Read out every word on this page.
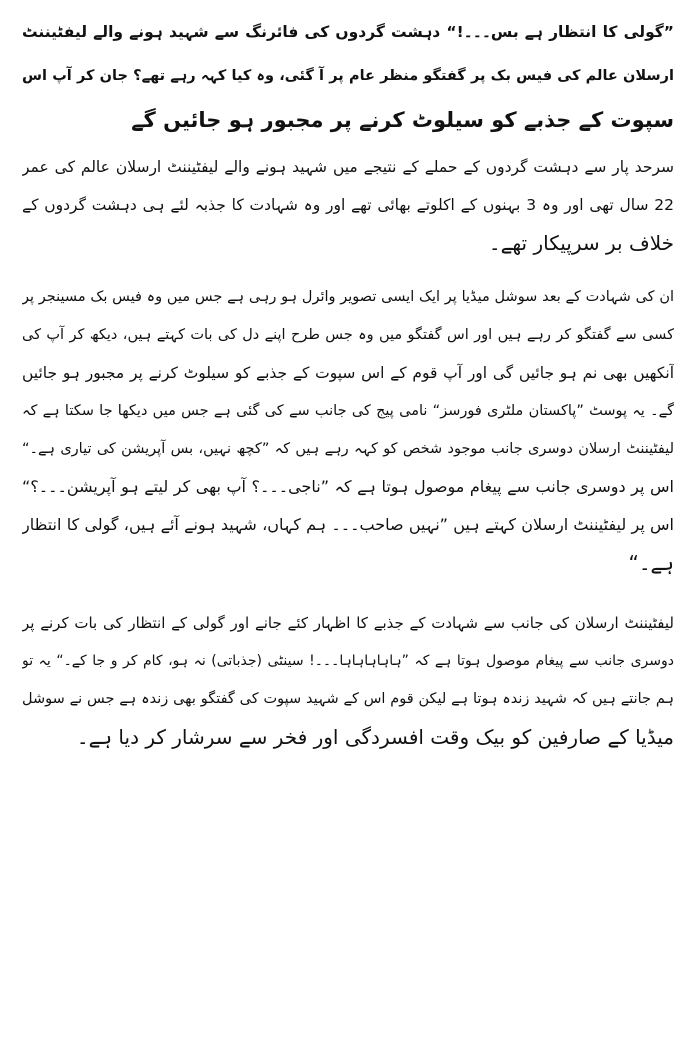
”گولی کا انتظار ہے بس۔۔۔!“ دہشت گردوں کی فائرنگ سے شہید ہونے والے لیفٹیننٹ
ارسلان عالم کی فیس بک پر گفتگو منظر عام پر آ گئی، وہ کیا کہہ رہے تھے؟ جان کر آپ اس
سپوت کے جذبے کو سیلوٹ کرنے پر مجبور ہو جائیں گے
سرحد پار سے دہشت گردوں کے حملے کے نتیجے میں شہید ہونے والے لیفٹیننٹ ارسلان عالم کی عمر
22 سال تھی اور وہ 3 بہنوں کے اکلوتے بھائی تھے اور وہ شہادت کا جذبہ لئے ہی دہشت گردوں کے
خلاف بر سرپیکار تھے۔
ان کی شہادت کے بعد سوشل میڈیا پر ایک ایسی تصویر وائرل ہو رہی ہے جس میں وہ فیس بک مسینجر پر
کسی سے گفتگو کر رہے ہیں اور اس گفتگو میں وہ جس طرح اپنے دل کی بات کہتے ہیں، دیکھ کر آپ کی
آنکھیں بھی نم ہو جائیں گی اور آپ قوم کے اس سپوت کے جذبے کو سیلوٹ کرنے پر مجبور ہو جائیں
گے۔ یہ پوسٹ ”پاکستان ملٹری فورسز“ نامی پیج کی جانب سے کی گئی ہے جس میں دیکھا جا سکتا ہے کہ
لیفٹیننٹ ارسلان دوسری جانب موجود شخص کو کہہ رہے ہیں کہ ”کچھ نہیں، بس آپریشن کی تیاری ہے۔“
اس پر دوسری جانب سے پیغام موصول ہوتا ہے کہ ”ناجی۔۔۔؟ آپ بھی کر لیتے ہو آپریشن۔۔۔؟“
اس پر لیفٹیننٹ ارسلان کہتے ہیں ”نہیں صاحب۔۔۔ ہم کہاں، شہید ہونے آئے ہیں، گولی کا انتظار
ہے۔“
لیفٹیننٹ ارسلان کی جانب سے شہادت کے جذبے کا اظہار کئے جانے اور گولی کے انتظار کی بات کرنے پر
دوسری جانب سے پیغام موصول ہوتا ہے کہ ”ہاہاہاہاہا۔۔۔! سینٹی (جذباتی) نہ ہو، کام کر و جا کے۔“ یہ تو
ہم جانتے ہیں کہ شہید زندہ ہوتا ہے لیکن قوم اس کے شہید سپوت کی گفتگو بھی زندہ ہے جس نے سوشل
میڈیا کے صارفین کو بیک وقت افسردگی اور فخر سے سرشار کر دیا ہے۔
